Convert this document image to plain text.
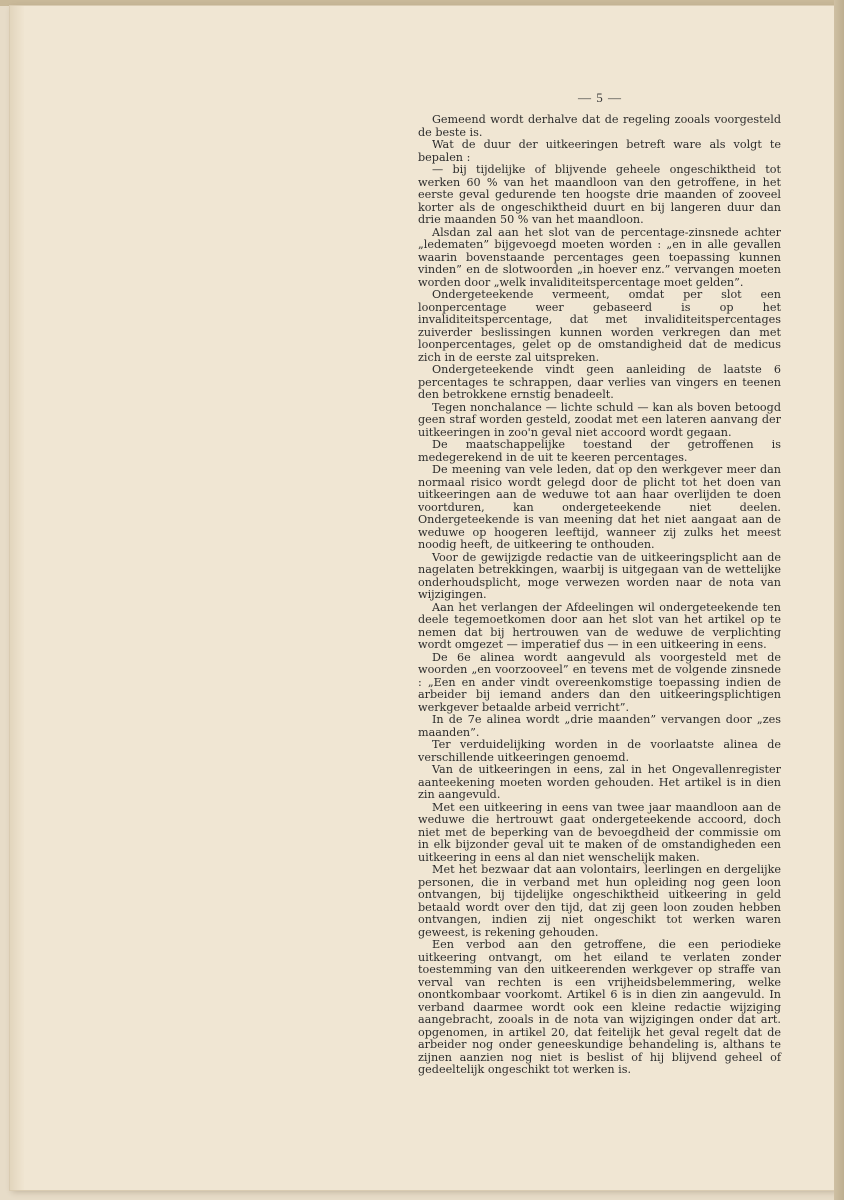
— 5 —

Gemeend wordt derhalve dat de regeling zooals voorgesteld de beste is.

Wat de duur der uitkeeringen betreft ware als volgt te bepalen :

— bij tijdelijke of blijvende geheele ongeschiktheid tot werken 60 % van het maandloon van den getroffene, in het eerste geval gedurende ten hoogste drie maanden of zooveel korter als de ongeschiktheid duurt en bij langeren duur dan drie maanden 50 % van het maandloon.

Alsdan zal aan het slot van de percentage-zinsnede achter „ledematen” bijgevoegd moeten worden : „en in alle gevallen waarin bovenstaande percentages geen toepassing kunnen vinden” en de slotwoorden „in hoever enz.” vervangen moeten worden door „welk invaliditeitspercentage moet gelden”.

Ondergeteekende vermeent, omdat per slot een loonpercentage weer gebaseerd is op het invaliditeitspercentage, dat met invaliditeitspercentages zuiverder beslissingen kunnen worden verkregen dan met loonpercentages, gelet op de omstandigheid dat de medicus zich in de eerste zal uitspreken.

Ondergeteekende vindt geen aanleiding de laatste 6 percentages te schrappen, daar verlies van vingers en teenen den betrokkene ernstig benadeelt.

Tegen nonchalance — lichte schuld — kan als boven betoogd geen straf worden gesteld, zoodat met een lateren aanvang der uitkeeringen in zoo'n geval niet accoord wordt gegaan.

De maatschappelijke toestand der getroffenen is medegerekend in de uit te keeren percentages.

De meening van vele leden, dat op den werkgever meer dan normaal risico wordt gelegd door de plicht tot het doen van uitkeeringen aan de weduwe tot aan haar overlijden te doen voortduren, kan ondergeteekende niet deelen. Ondergeteekende is van meening dat het niet aangaat aan de weduwe op hoogeren leeftijd, wanneer zij zulks het meest noodig heeft, de uitkeering te onthouden.

Voor de gewijzigde redactie van de uitkeeringsplicht aan de nagelaten betrekkingen, waarbij is uitgegaan van de wettelijke onderhoudsplicht, moge verwezen worden naar de nota van wijzigingen.

Aan het verlangen der Afdeelingen wil ondergeteekende ten deele tegemoetkomen door aan het slot van het artikel op te nemen dat bij hertrouwen van de weduwe de verplichting wordt omgezet — imperatief dus — in een uitkeering in eens.

De 6e alinea wordt aangevuld als voorgesteld met de woorden „en voorzooveel” en tevens met de volgende zinsnede : „Een en ander vindt overeenkomstige toepassing indien de arbeider bij iemand anders dan den uitkeeringsplichtigen werkgever betaalde arbeid verricht”.

In de 7e alinea wordt „drie maanden” vervangen door „zes maanden”.

Ter verduidelijking worden in de voorlaatste alinea de verschillende uitkeeringen genoemd.

Van de uitkeeringen in eens, zal in het Ongevallenregister aanteekening moeten worden gehouden. Het artikel is in dien zin aangevuld.

Met een uitkeering in eens van twee jaar maandloon aan de weduwe die hertrouwt gaat ondergeteekende accoord, doch niet met de beperking van de bevoegdheid der commissie om in elk bijzonder geval uit te maken of de omstandigheden een uitkeering in eens al dan niet wenschelijk maken.

Met het bezwaar dat aan volontairs, leerlingen en dergelijke personen, die in verband met hun opleiding nog geen loon ontvangen, bij tijdelijke ongeschiktheid uitkeering in geld betaald wordt over den tijd, dat zij geen loon zouden hebben ontvangen, indien zij niet ongeschikt tot werken waren geweest, is rekening gehouden.

Een verbod aan den getroffene, die een periodieke uitkeering ontvangt, om het eiland te verlaten zonder toestemming van den uitkeerenden werkgever op straffe van verval van rechten is een vrijheidsbelemmering, welke onontkombaar voorkomt. Artikel 6 is in dien zin aangevuld. In verband daarmee wordt ook een kleine redactie wijziging aangebracht, zooals in de nota van wijzigingen onder dat art. opgenomen, in artikel 20, dat feitelijk het geval regelt dat de arbeider nog onder geneeskundige behandeling is, althans te zijnen aanzien nog niet is beslist of hij blijvend geheel of gedeeltelijk ongeschikt tot werken is.
